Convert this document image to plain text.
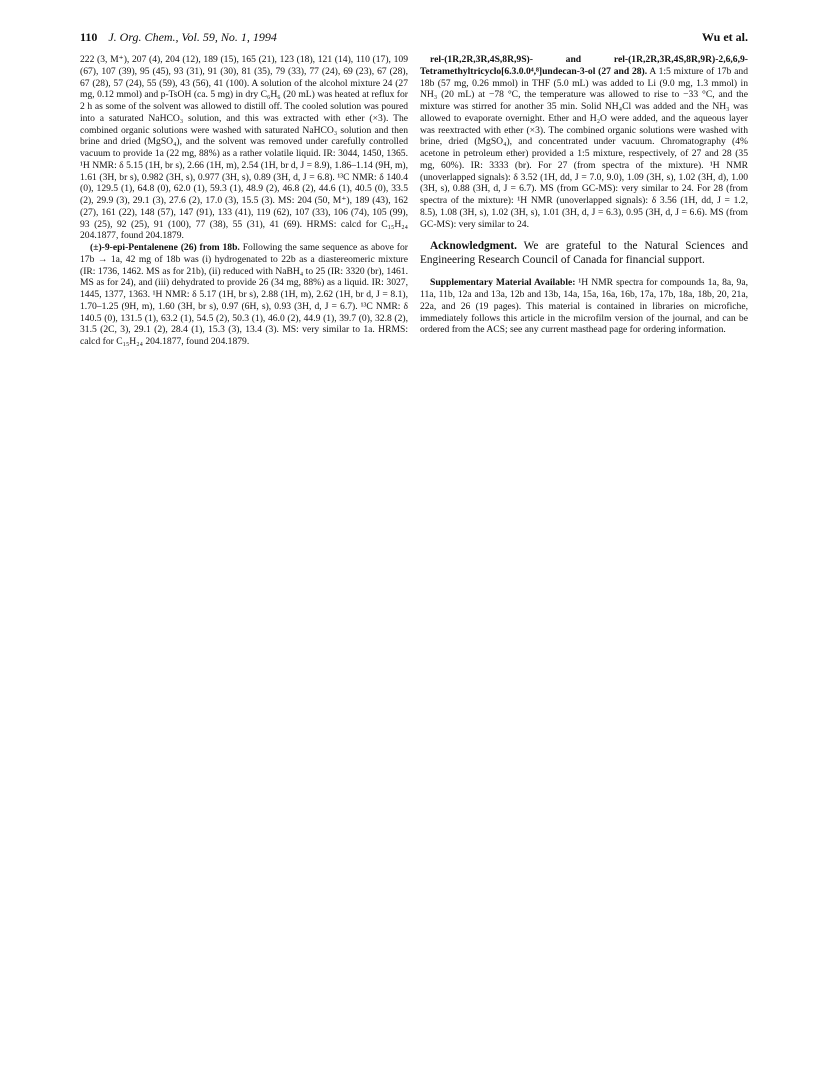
110 J. Org. Chem., Vol. 59, No. 1, 1994	Wu et al.

222 (3, M⁺), 207 (4), 204 (12), 189 (15), 165 (21), 123 (18), 121 (14), 110 (17), 109 (67), 107 (39), 95 (45), 93 (31), 91 (30), 81 (35), 79 (33), 77 (24), 69 (23), 67 (28), 67 (28), 57 (24), 55 (59), 43 (56), 41 (100). A solution of the alcohol mixture 24 (27 mg, 0.12 mmol) and p-TsOH (ca. 5 mg) in dry C₆H₆ (20 mL) was heated at reflux for 2 h as some of the solvent was allowed to distill off. The cooled solution was poured into a saturated NaHCO₃ solution, and this was extracted with ether (×3). The combined organic solutions were washed with saturated NaHCO₃ solution and then brine and dried (MgSO₄), and the solvent was removed under carefully controlled vacuum to provide 1a (22 mg, 88%) as a rather volatile liquid. IR: 3044, 1450, 1365. ¹H NMR: δ 5.15 (1H, br s), 2.66 (1H, m), 2.54 (1H, br d, J = 8.9), 1.86–1.14 (9H, m), 1.61 (3H, br s), 0.982 (3H, s), 0.977 (3H, s), 0.89 (3H, d, J = 6.8). ¹³C NMR: δ 140.4 (0), 129.5 (1), 64.8 (0), 62.0 (1), 59.3 (1), 48.9 (2), 46.8 (2), 44.6 (1), 40.5 (0), 33.5 (2), 29.9 (3), 29.1 (3), 27.6 (2), 17.0 (3), 15.5 (3). MS: 204 (50, M⁺), 189 (43), 162 (27), 161 (22), 148 (57), 147 (91), 133 (41), 119 (62), 107 (33), 106 (74), 105 (99), 93 (25), 92 (25), 91 (100), 77 (38), 55 (31), 41 (69). HRMS: calcd for C₁₅H₂₄ 204.1877, found 204.1879.

(±)-9-epi-Pentalenene (26) from 18b. Following the same sequence as above for 17b → 1a, 42 mg of 18b was (i) hydrogenated to 22b as a diastereomeric mixture (IR: 1736, 1462. MS as for 21b), (ii) reduced with NaBH₄ to 25 (IR: 3320 (br), 1461. MS as for 24), and (iii) dehydrated to provide 26 (34 mg, 88%) as a liquid. IR: 3027, 1445, 1377, 1363. ¹H NMR: δ 5.17 (1H, br s), 2.88 (1H, m), 2.62 (1H, br d, J = 8.1), 1.70–1.25 (9H, m), 1.60 (3H, br s), 0.97 (6H, s), 0.93 (3H, d, J = 6.7). ¹³C NMR: δ 140.5 (0), 131.5 (1), 63.2 (1), 54.5 (2), 50.3 (1), 46.0 (2), 44.9 (1), 39.7 (0), 32.8 (2), 31.5 (2C, 3), 29.1 (2), 28.4 (1), 15.3 (3), 13.4 (3). MS: very similar to 1a. HRMS: calcd for C₁₅H₂₄ 204.1877, found 204.1879.

rel-(1R,2R,3R,4S,8R,9S)- and rel-(1R,2R,3R,4S,8R,9R)-2,6,6,9-Tetramethyltricyclo[6.3.0.0⁴,⁸]undecan-3-ol (27 and 28). A 1:5 mixture of 17b and 18b (57 mg, 0.26 mmol) in THF (5.0 mL) was added to Li (9.0 mg, 1.3 mmol) in NH₃ (20 mL) at −78 °C, the temperature was allowed to rise to −33 °C, and the mixture was stirred for another 35 min. Solid NH₄Cl was added and the NH₃ was allowed to evaporate overnight. Ether and H₂O were added, and the aqueous layer was reextracted with ether (×3). The combined organic solutions were washed with brine, dried (MgSO₄), and concentrated under vacuum. Chromatography (4% acetone in petroleum ether) provided a 1:5 mixture, respectively, of 27 and 28 (35 mg, 60%). IR: 3333 (br). For 27 (from spectra of the mixture). ¹H NMR (unoverlapped signals): δ 3.52 (1H, dd, J = 7.0, 9.0), 1.09 (3H, s), 1.02 (3H, d), 1.00 (3H, s), 0.88 (3H, d, J = 6.7). MS (from GC-MS): very similar to 24. For 28 (from spectra of the mixture): ¹H NMR (unoverlapped signals): δ 3.56 (1H, dd, J = 1.2, 8.5), 1.08 (3H, s), 1.02 (3H, s), 1.01 (3H, d, J = 6.3), 0.95 (3H, d, J = 6.6). MS (from GC-MS): very similar to 24.

Acknowledgment. We are grateful to the Natural Sciences and Engineering Research Council of Canada for financial support.

Supplementary Material Available: ¹H NMR spectra for compounds 1a, 8a, 9a, 11a, 11b, 12a and 13a, 12b and 13b, 14a, 15a, 16a, 16b, 17a, 17b, 18a, 18b, 20, 21a, 22a, and 26 (19 pages). This material is contained in libraries on microfiche, immediately follows this article in the microfilm version of the journal, and can be ordered from the ACS; see any current masthead page for ordering information.
